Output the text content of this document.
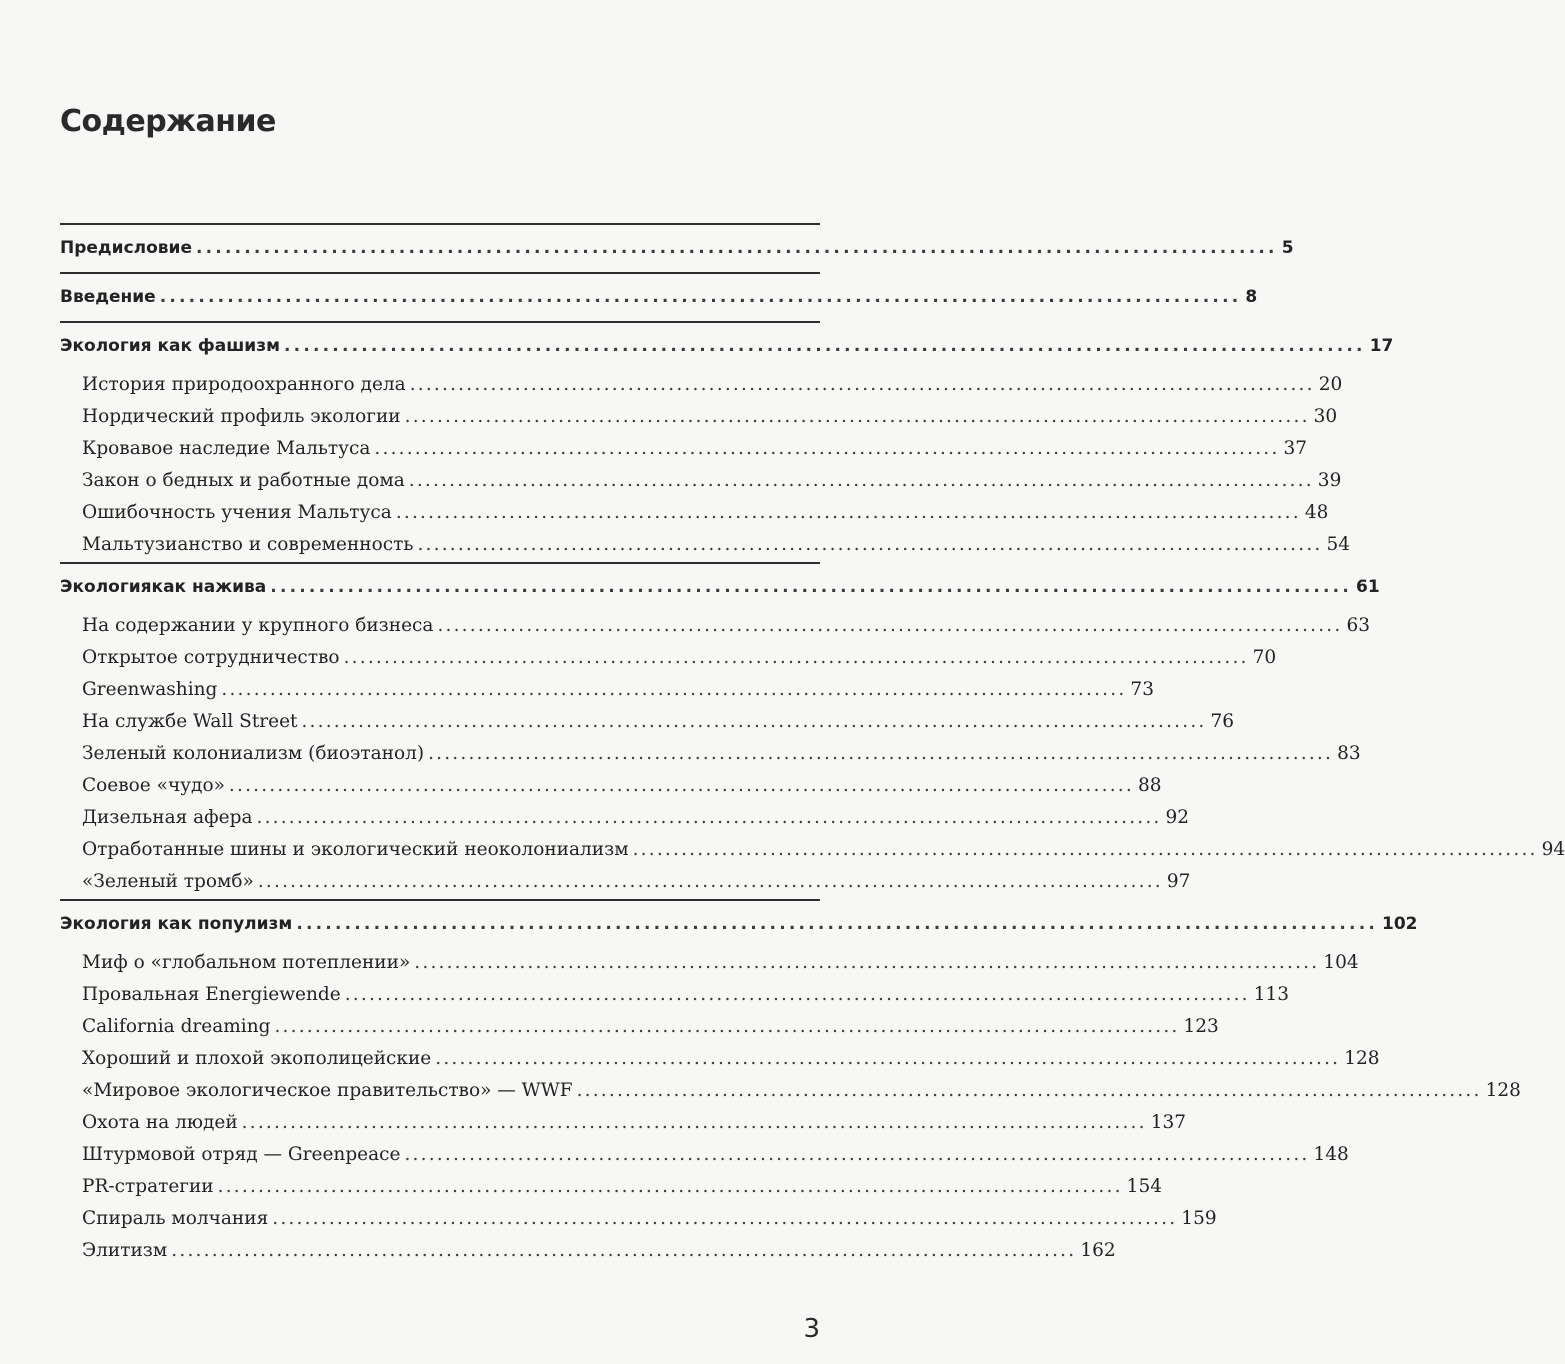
Содержание
Предисловие ................................................................................................................ 5
Введение ................................................................................................................ 8
Экология как фашизм ................................................................................................................ 17
История природоохранного дела ................................................................................................................ 20
Нордический профиль экологии ................................................................................................................ 30
Кровавое наследие Мальтуса ................................................................................................................ 37
Закон о бедных и работные дома ................................................................................................................ 39
Ошибочность учения Мальтуса ................................................................................................................ 48
Мальтузианство и современность ................................................................................................................ 54
Экологиякак нажива ................................................................................................................ 61
На содержании у крупного бизнеса ................................................................................................................ 63
Открытое сотрудничество ................................................................................................................ 70
Greenwashing ................................................................................................................ 73
На службе Wall Street ................................................................................................................ 76
Зеленый колониализм (биоэтанол) ................................................................................................................ 83
Соевое «чудо» ................................................................................................................ 88
Дизельная афера ................................................................................................................ 92
Отработанные шины и экологический неоколониализм ................................................................................................................ 94
«Зеленый тромб» ................................................................................................................ 97
Экология как популизм ................................................................................................................ 102
Миф о «глобальном потеплении» ................................................................................................................ 104
Провальная Energiewende ................................................................................................................ 113
California dreaming ................................................................................................................ 123
Хороший и плохой экополицейские ................................................................................................................ 128
«Мировое экологическое правительство» — WWF ................................................................................................................ 128
Охота на людей ................................................................................................................ 137
Штурмовой отряд — Greenpeace ................................................................................................................ 148
PR-стратегии ................................................................................................................ 154
Спираль молчания ................................................................................................................ 159
Элитизм ................................................................................................................ 162
3
